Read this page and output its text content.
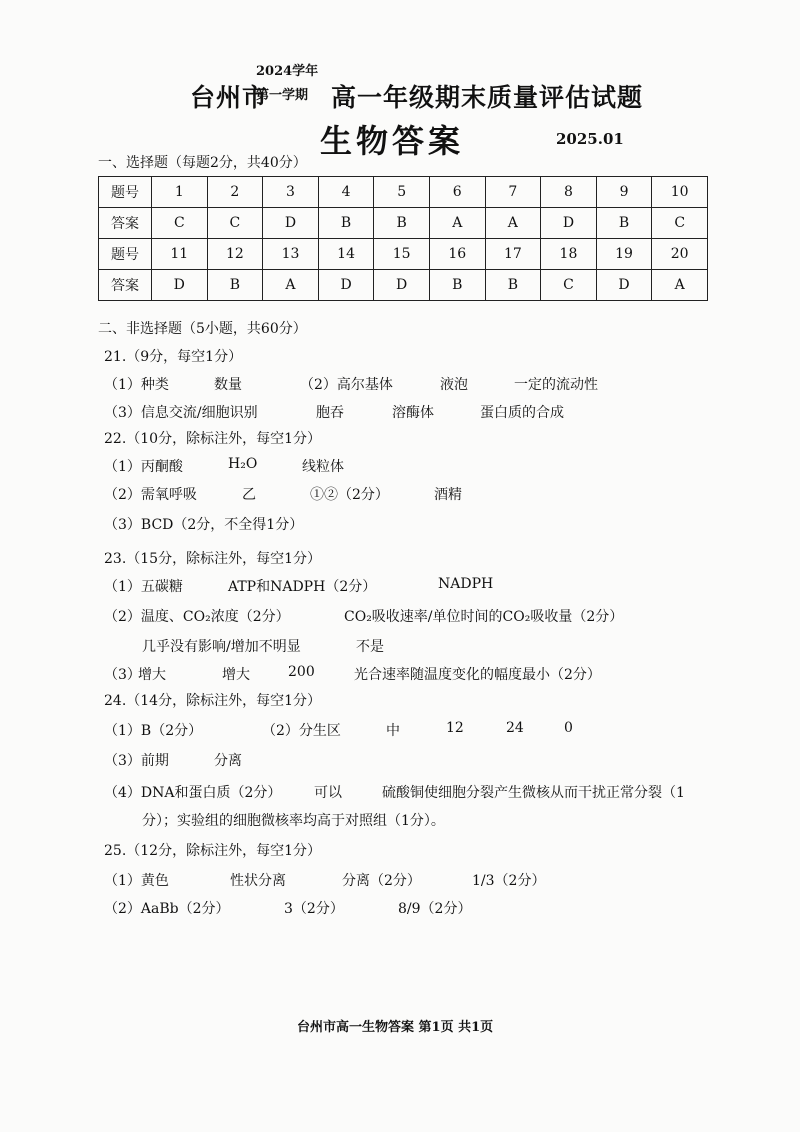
台州市
2024学年
第一学期 高一年级期末质量评估试题
生物答案	2025.01
一、选择题（每题2分，共40分）
题号	1	2	3	4	5	6	7	8	9	10
答案	C	C	D	B	B	A	A	D	B	C
题号	11	12	13	14	15	16	17	18	19	20
答案	D	B	A	D	D	B	B	C	D	A
二、非选择题（5小题，共60分）
21.（9分，每空1分）
（1）种类	数量	（2）高尔基体	液泡	一定的流动性
（3）信息交流/细胞识别	胞吞	溶酶体	蛋白质的合成
22.（10分，除标注外，每空1分）
（1）丙酮酸	H₂O	线粒体
（2）需氧呼吸	乙	①②（2分）	酒精
（3）BCD（2分，不全得1分）
23.（15分，除标注外，每空1分）
（1）五碳糖	ATP和NADPH（2分）	NADPH
（2）温度、CO₂浓度（2分）	CO₂吸收速率/单位时间的CO₂吸收量（2分）
几乎没有影响/增加不明显	不是
（3）
增大	增大	200	光合速率随温度变化的幅度最小（2分）
24.（14分，除标注外，每空1分）
（1）B（2分）	（2）分生区	中	12	24	0
（3）前期	分离
（4）DNA和蛋白质（2分） 可以	硫酸铜使细胞分裂产生微核从而干扰正常分裂（1
分）；实验组的细胞微核率均高于对照组（1分）。
25.（12分，除标注外，每空1分）
（1）黄色	性状分离	分离（2分）	1/3（2分）
（2）AaBb（2分）	3（2分）	8/9（2分）
台州市高一生物答案 第1页 共1页
